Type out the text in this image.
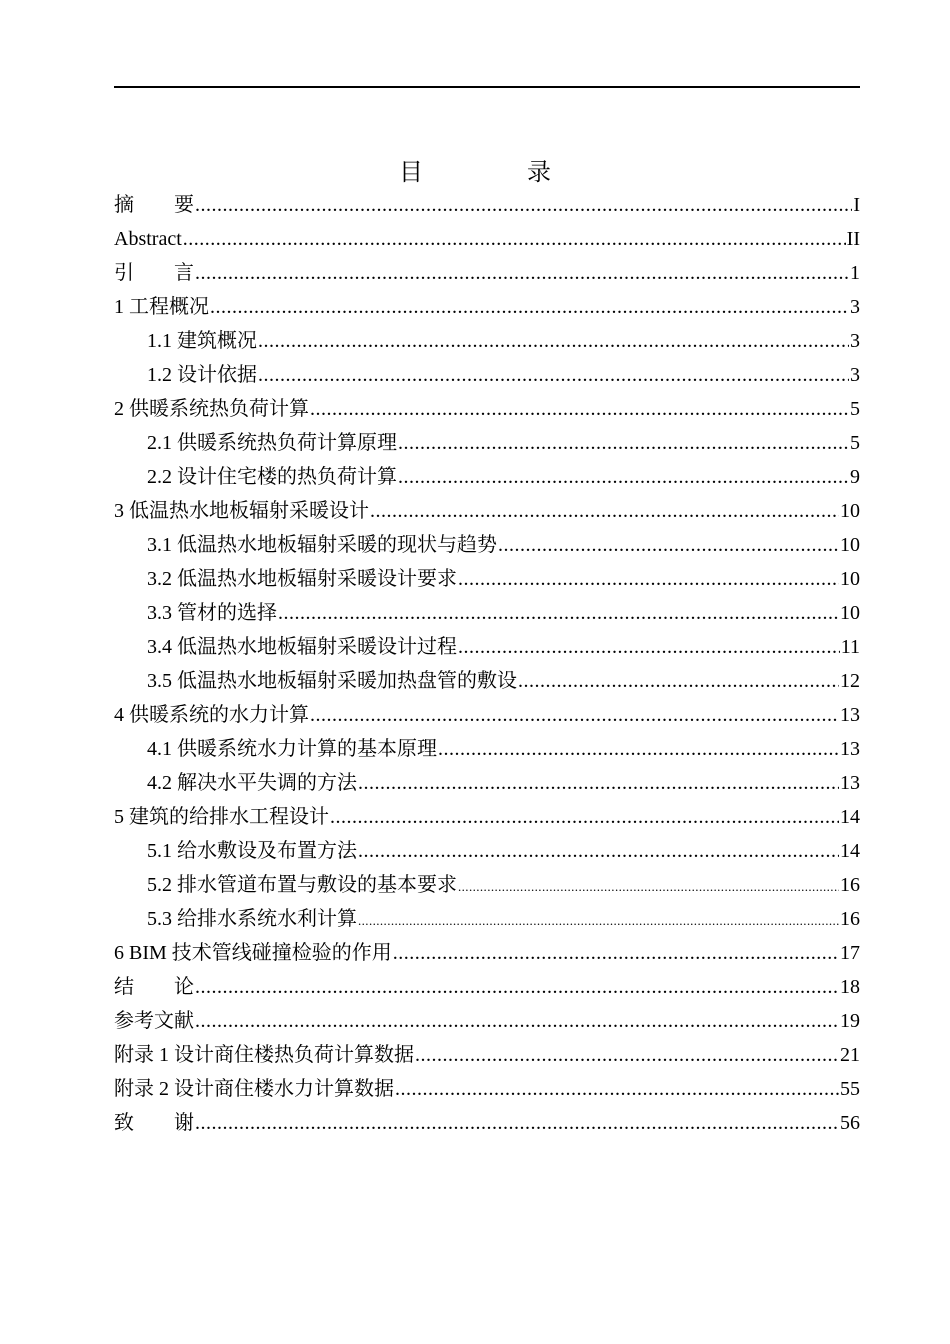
目　录
摘　　要 .....	I
Abstract .....	II
引　　言 .....	1
1 工程概况 .....	3
1.1 建筑概况 .....	3
1.2 设计依据 .....	3
2 供暖系统热负荷计算 .....	5
2.1 供暖系统热负荷计算原理 .....	5
2.2 设计住宅楼的热负荷计算 .....	9
3 低温热水地板辐射采暖设计 .....	10
3.1 低温热水地板辐射采暖的现状与趋势 .....	10
3.2 低温热水地板辐射采暖设计要求 .....	10
3.3 管材的选择 .....	10
3.4 低温热水地板辐射采暖设计过程 .....	11
3.5 低温热水地板辐射采暖加热盘管的敷设 .....	12
4 供暖系统的水力计算 .....	13
4.1 供暖系统水力计算的基本原理 .....	13
4.2 解决水平失调的方法 .....	13
5 建筑的给排水工程设计 .....	14
5.1 给水敷设及布置方法 .....	14
5.2 排水管道布置与敷设的基本要求 .....	16
5.3 给排水系统水利计算 .....	16
6 BIM 技术管线碰撞检验的作用 .....	17
结　　论 .....	18
参考文献 .....	19
附录 1 设计商住楼热负荷计算数据 .....	21
附录 2 设计商住楼水力计算数据 .....	55
致　　谢 .....	56
